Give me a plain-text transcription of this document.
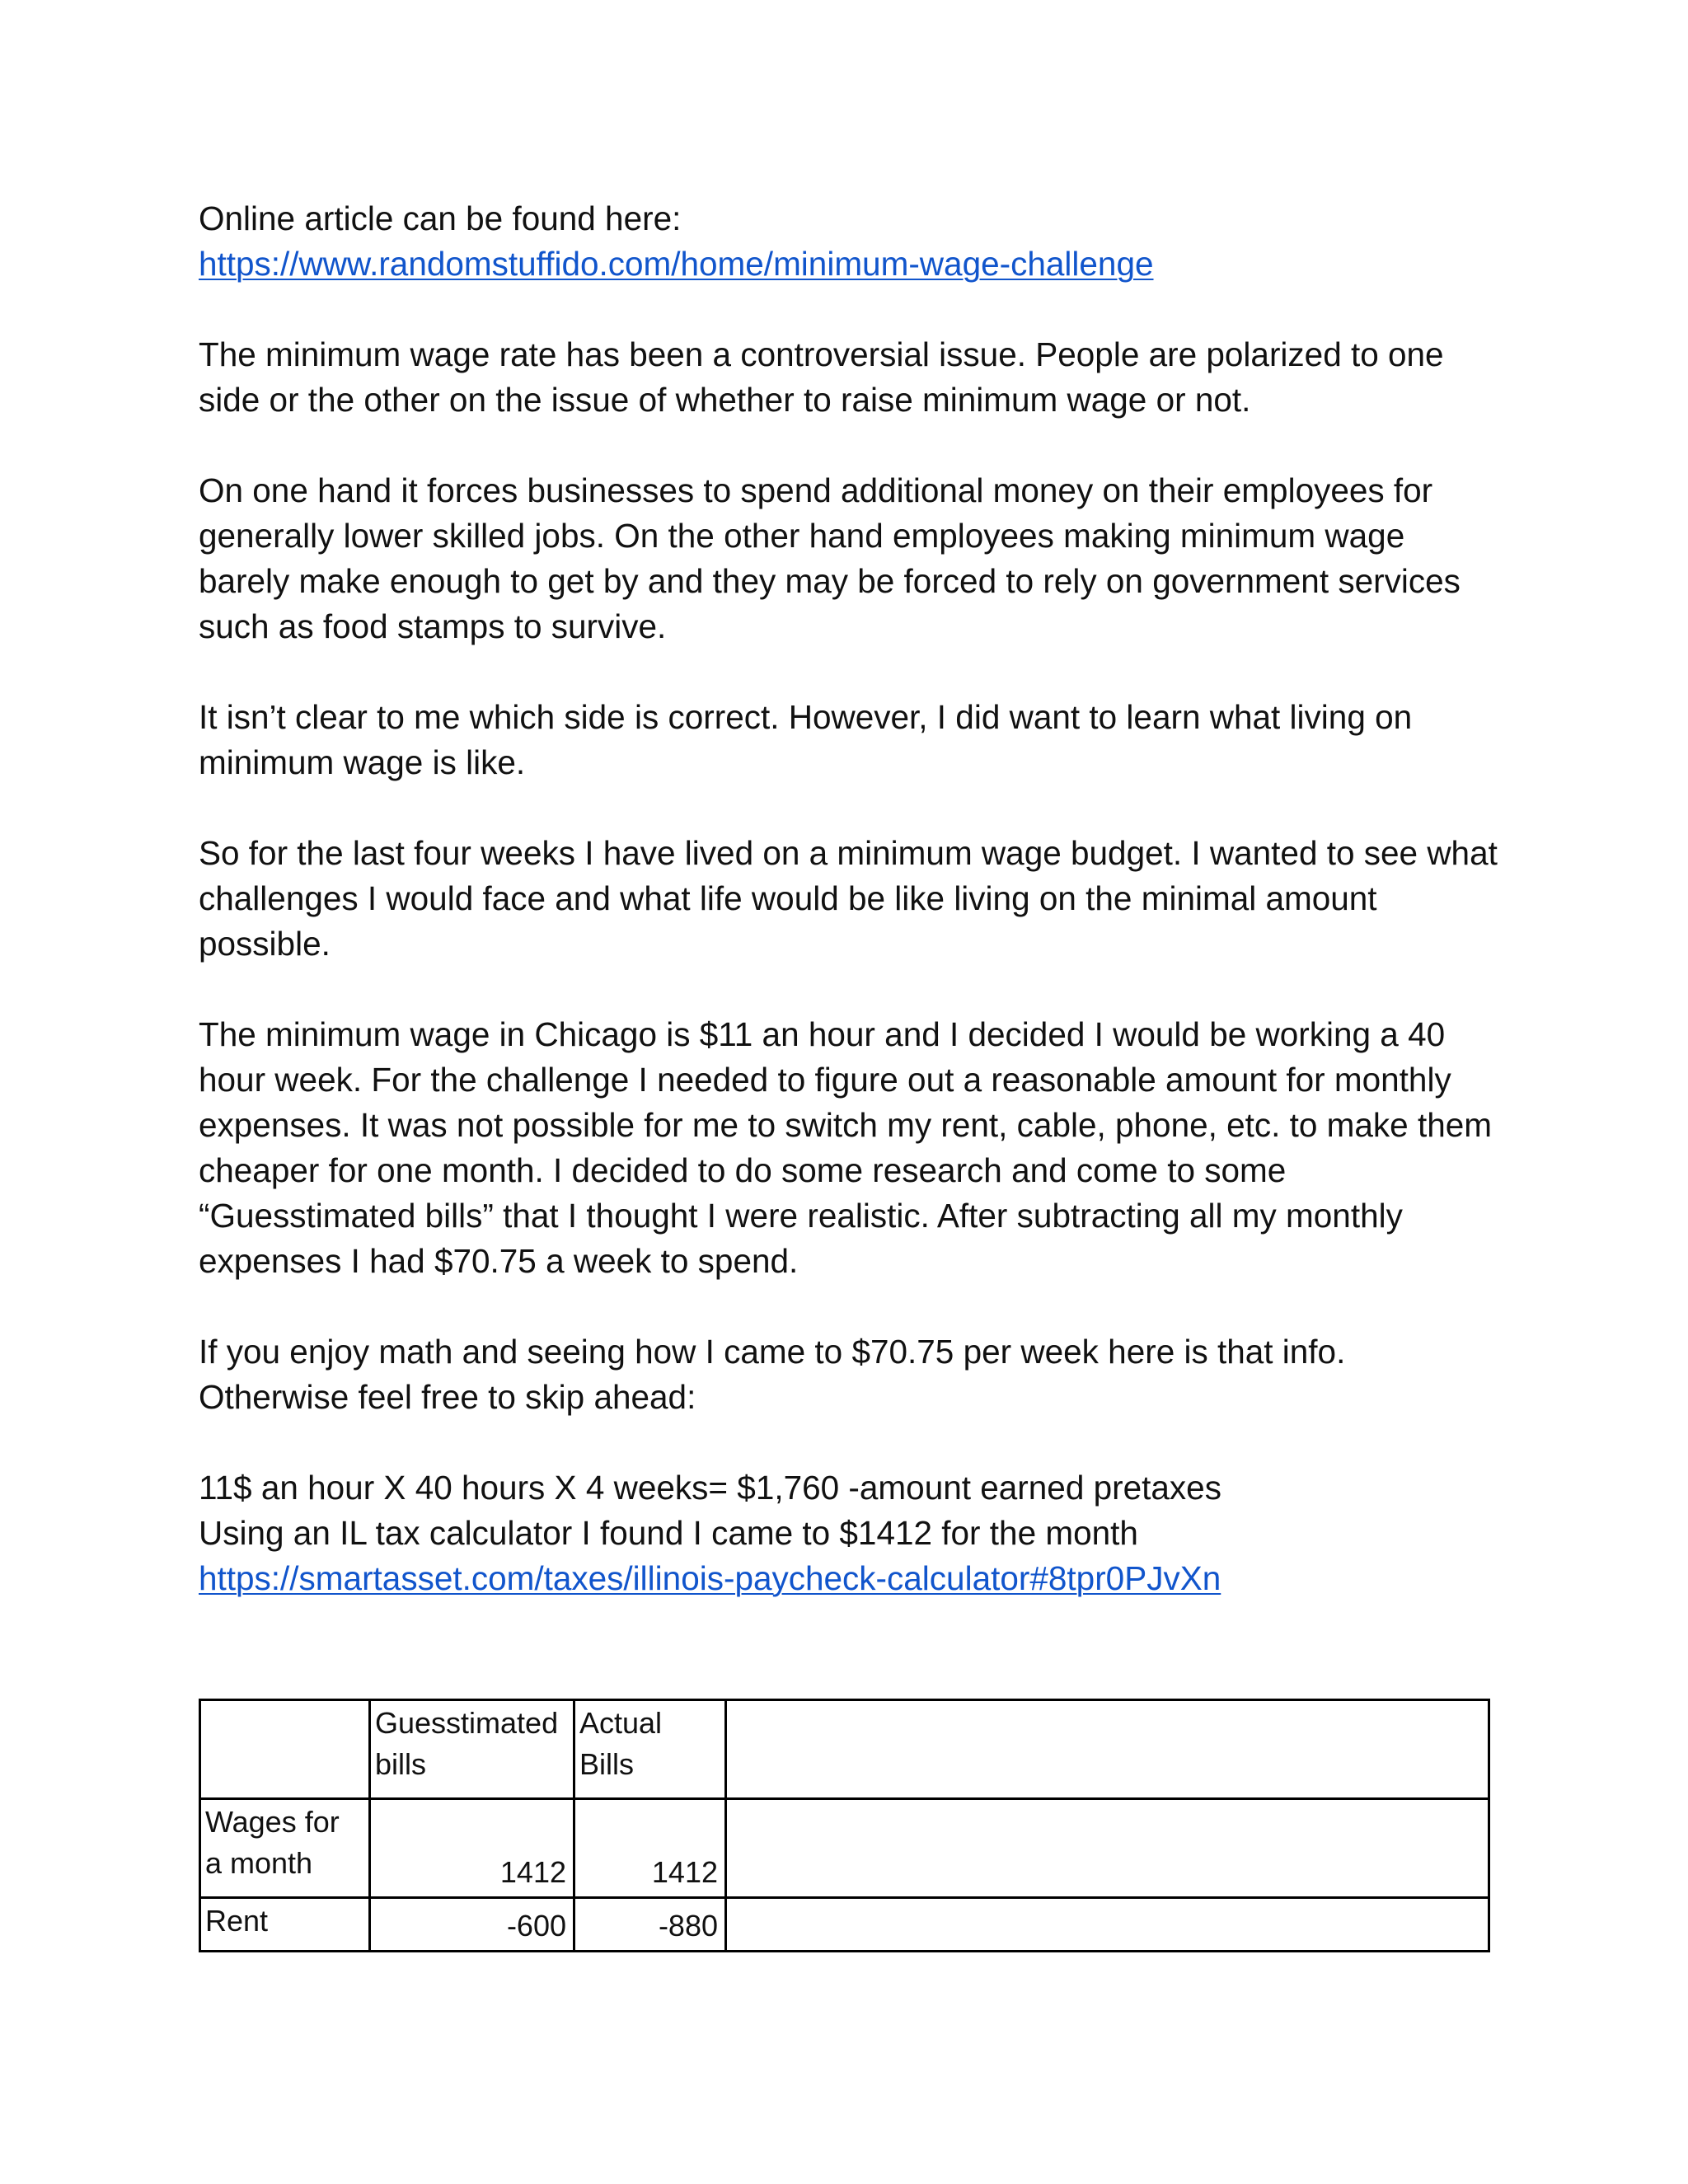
Online article can be found here:
https://www.randomstuffido.com/home/minimum-wage-challenge

The minimum wage rate has been a controversial issue. People are polarized to one
side or the other on the issue of whether to raise minimum wage or not.

On one hand it forces businesses to spend additional money on their employees for
generally lower skilled jobs. On the other hand employees making minimum wage
barely make enough to get by and they may be forced to rely on government services
such as food stamps to survive.

It isn’t clear to me which side is correct. However, I did want to learn what living on
minimum wage is like.

So for the last four weeks I have lived on a minimum wage budget. I wanted to see what
challenges I would face and what life would be like living on the minimal amount
possible.

The minimum wage in Chicago is $11 an hour and I decided I would be working a 40
hour week. For the challenge I needed to figure out a reasonable amount for monthly
expenses. It was not possible for me to switch my rent, cable, phone, etc. to make them
cheaper for one month. I decided to do some research and come to some
“Guesstimated bills” that I thought I were realistic. After subtracting all my monthly
expenses I had $70.75 a week to spend.

If you enjoy math and seeing how I came to $70.75 per week here is that info.
Otherwise feel free to skip ahead:

11$ an hour X 40 hours X 4 weeks= $1,760 -amount earned pretaxes
Using an IL tax calculator I found I came to $1412 for the month
https://smartasset.com/taxes/illinois-paycheck-calculator#8tpr0PJvXn

	Guesstimated
bills	Actual
Bills	
Wages for
a month	1412	1412	
Rent	-600	-880	
